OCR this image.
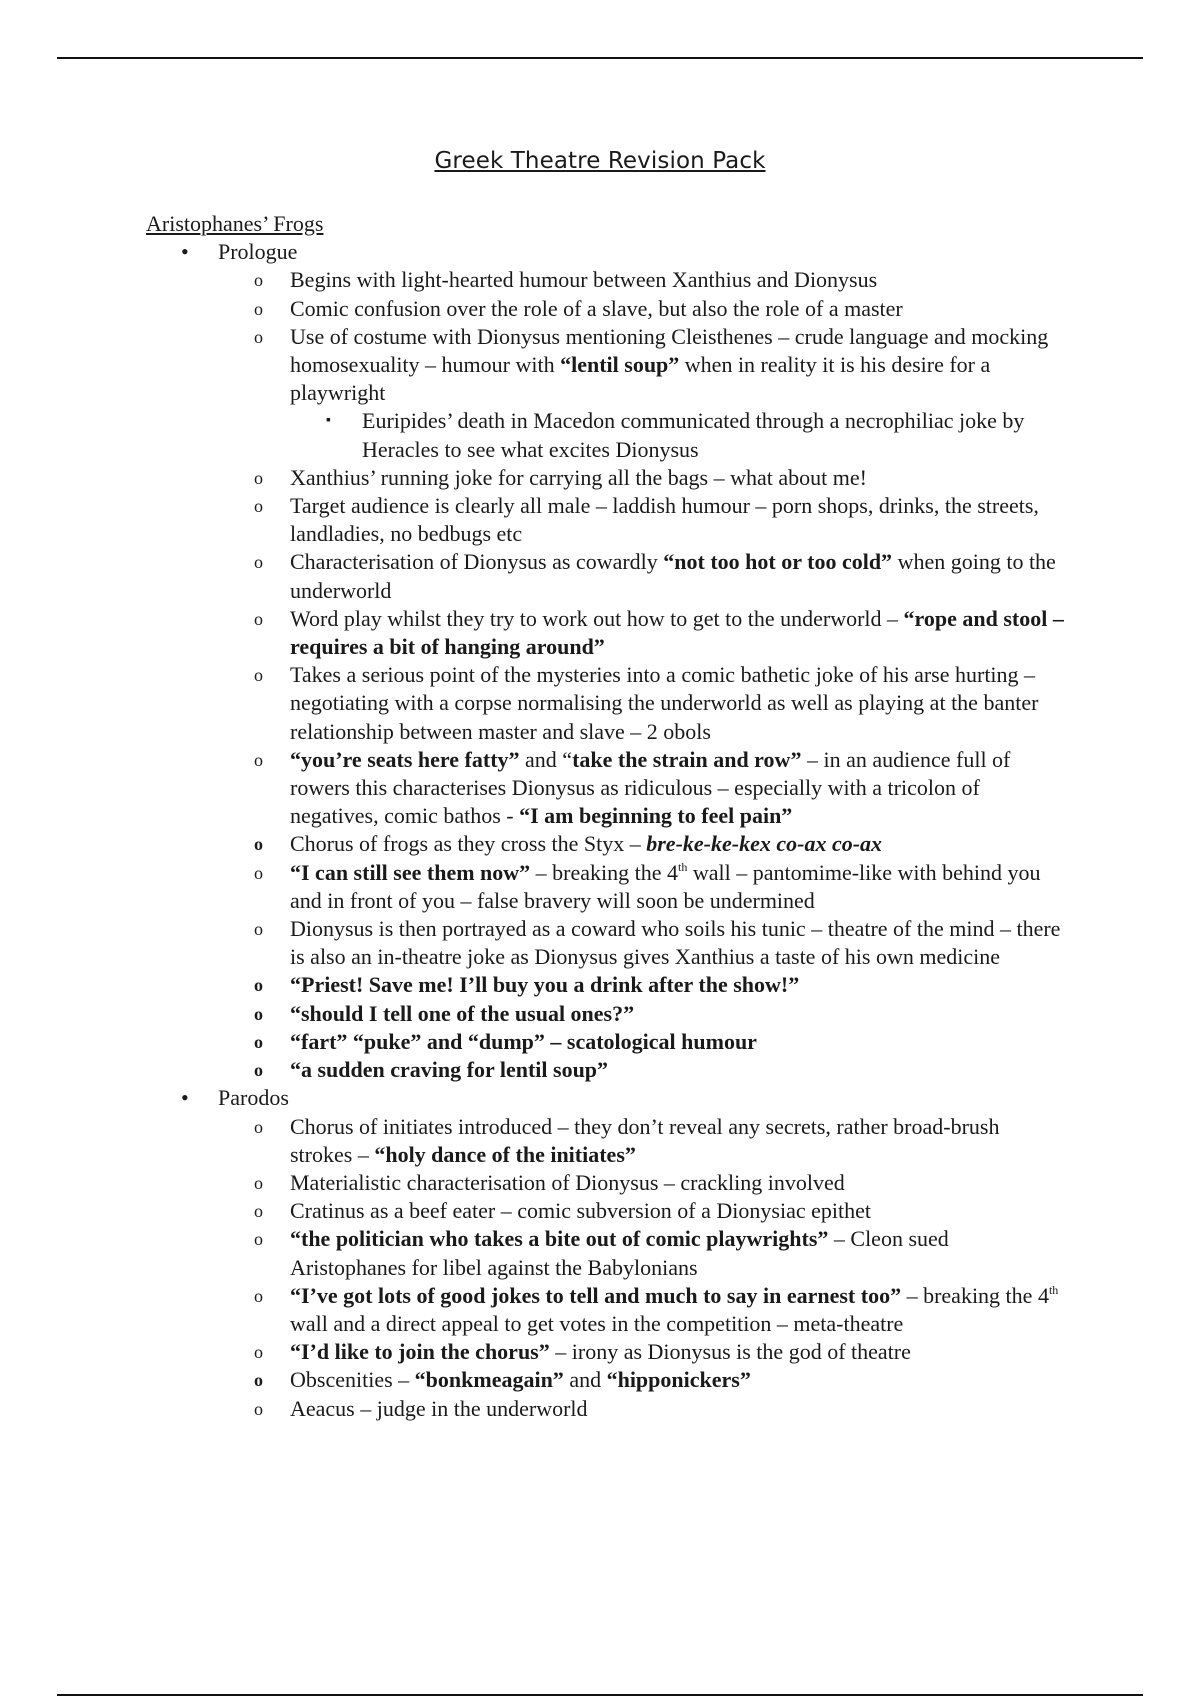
Greek Theatre Revision Pack

Aristophanes’ Frogs

• Prologue
o Begins with light-hearted humour between Xanthius and Dionysus
o Comic confusion over the role of a slave, but also the role of a master
o Use of costume with Dionysus mentioning Cleisthenes – crude language and mocking homosexuality – humour with “lentil soup” when in reality it is his desire for a playwright
▪ Euripides’ death in Macedon communicated through a necrophiliac joke by Heracles to see what excites Dionysus
o Xanthius’ running joke for carrying all the bags – what about me!
o Target audience is clearly all male – laddish humour – porn shops, drinks, the streets, landladies, no bedbugs etc
o Characterisation of Dionysus as cowardly “not too hot or too cold” when going to the underworld
o Word play whilst they try to work out how to get to the underworld – “rope and stool – requires a bit of hanging around”
o Takes a serious point of the mysteries into a comic bathetic joke of his arse hurting – negotiating with a corpse normalising the underworld as well as playing at the banter relationship between master and slave – 2 obols
o “you’re seats here fatty” and “take the strain and row” – in an audience full of rowers this characterises Dionysus as ridiculous – especially with a tricolon of negatives, comic bathos - “I am beginning to feel pain”
o Chorus of frogs as they cross the Styx – bre-ke-ke-kex co-ax co-ax
o “I can still see them now” – breaking the 4th wall – pantomime-like with behind you and in front of you – false bravery will soon be undermined
o Dionysus is then portrayed as a coward who soils his tunic – theatre of the mind – there is also an in-theatre joke as Dionysus gives Xanthius a taste of his own medicine
o “Priest! Save me! I’ll buy you a drink after the show!”
o “should I tell one of the usual ones?”
o “fart” “puke” and “dump” – scatological humour
o “a sudden craving for lentil soup”
• Parodos
o Chorus of initiates introduced – they don’t reveal any secrets, rather broad-brush strokes – “holy dance of the initiates”
o Materialistic characterisation of Dionysus – crackling involved
o Cratinus as a beef eater – comic subversion of a Dionysiac epithet
o “the politician who takes a bite out of comic playwrights” – Cleon sued Aristophanes for libel against the Babylonians
o “I’ve got lots of good jokes to tell and much to say in earnest too” – breaking the 4th wall and a direct appeal to get votes in the competition – meta-theatre
o “I’d like to join the chorus” – irony as Dionysus is the god of theatre
o Obscenities – “bonkmeagain” and “hipponickers”
o Aeacus – judge in the underworld
